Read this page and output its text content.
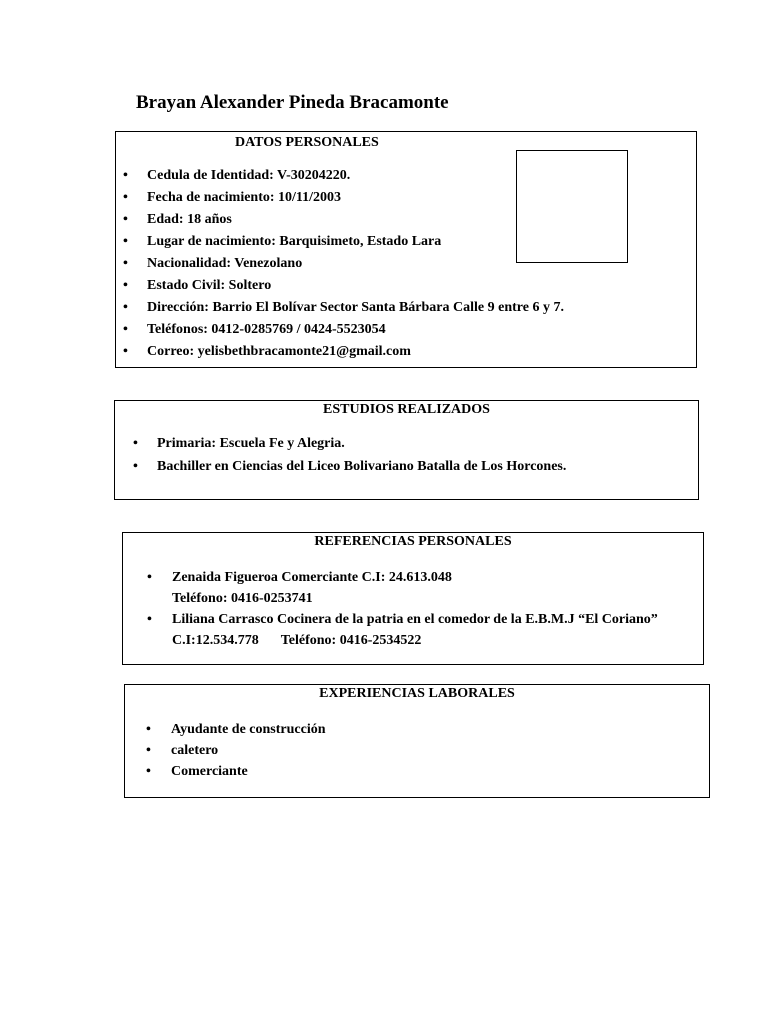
Brayan Alexander Pineda Bracamonte

DATOS PERSONALES

• Cedula de Identidad: V-30204220.
• Fecha de nacimiento: 10/11/2003
• Edad: 18 años
• Lugar de nacimiento: Barquisimeto, Estado Lara
• Nacionalidad: Venezolano
• Estado Civil: Soltero
• Dirección: Barrio El Bolívar Sector Santa Bárbara Calle 9 entre 6 y 7.
• Teléfonos: 0412-0285769 / 0424-5523054
• Correo: yelisbethbracamonte21@gmail.com

ESTUDIOS REALIZADOS

• Primaria: Escuela Fe y Alegria.
• Bachiller en Ciencias del Liceo Bolivariano Batalla de Los Horcones.

REFERENCIAS PERSONALES

• Zenaida Figueroa Comerciante C.I: 24.613.048
Teléfono: 0416-0253741
• Liliana Carrasco Cocinera de la patria en el comedor de la E.B.M.J “El Coriano”
C.I:12.534.778 Teléfono: 0416-2534522

EXPERIENCIAS LABORALES

• Ayudante de construcción
• caletero
• Comerciante
